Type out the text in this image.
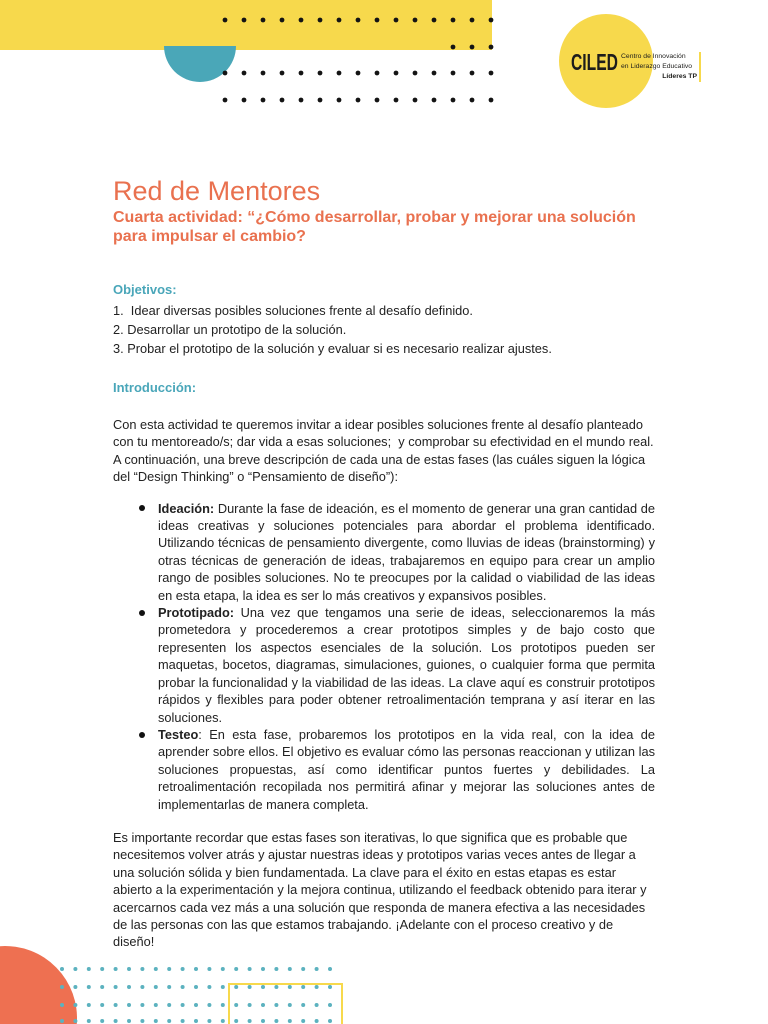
CILED Centro de Innovación
en Liderazgo Educativo
Líderes TP
Red de Mentores

Cuarta actividad: “¿Cómo desarrollar, probar y mejorar una solución para impulsar el cambio?

Objetivos:

1.  Idear diversas posibles soluciones frente al desafío definido.
2. Desarrollar un prototipo de la solución.
3. Probar el prototipo de la solución y evaluar si es necesario realizar ajustes.

Introducción:

Con esta actividad te queremos invitar a idear posibles soluciones frente al desafío planteado con tu mentoreado/s; dar vida a esas soluciones;  y comprobar su efectividad en el mundo real. A continuación, una breve descripción de cada una de estas fases (las cuáles siguen la lógica del “Design Thinking” o “Pensamiento de diseño”):

Ideación: Durante la fase de ideación, es el momento de generar una gran cantidad de ideas creativas y soluciones potenciales para abordar el problema identificado. Utilizando técnicas de pensamiento divergente, como lluvias de ideas (brainstorming) y otras técnicas de generación de ideas, trabajaremos en equipo para crear un amplio rango de posibles soluciones. No te preocupes por la calidad o viabilidad de las ideas en esta etapa, la idea es ser lo más creativos y expansivos posibles.
Prototipado: Una vez que tengamos una serie de ideas, seleccionaremos la más prometedora y procederemos a crear prototipos simples y de bajo costo que representen los aspectos esenciales de la solución. Los prototipos pueden ser maquetas, bocetos, diagramas, simulaciones, guiones, o cualquier forma que permita probar la funcionalidad y la viabilidad de las ideas. La clave aquí es construir prototipos rápidos y flexibles para poder obtener retroalimentación temprana y así iterar en las soluciones.
Testeo: En esta fase, probaremos los prototipos en la vida real, con la idea de aprender sobre ellos. El objetivo es evaluar cómo las personas reaccionan y utilizan las soluciones propuestas, así como identificar puntos fuertes y debilidades. La retroalimentación recopilada nos permitirá afinar y mejorar las soluciones antes de implementarlas de manera completa.

Es importante recordar que estas fases son iterativas, lo que significa que es probable que necesitemos volver atrás y ajustar nuestras ideas y prototipos varias veces antes de llegar a una solución sólida y bien fundamentada. La clave para el éxito en estas etapas es estar abierto a la experimentación y la mejora continua, utilizando el feedback obtenido para iterar y acercarnos cada vez más a una solución que responda de manera efectiva a las necesidades de las personas con las que estamos trabajando. ¡Adelante con el proceso creativo y de diseño!
